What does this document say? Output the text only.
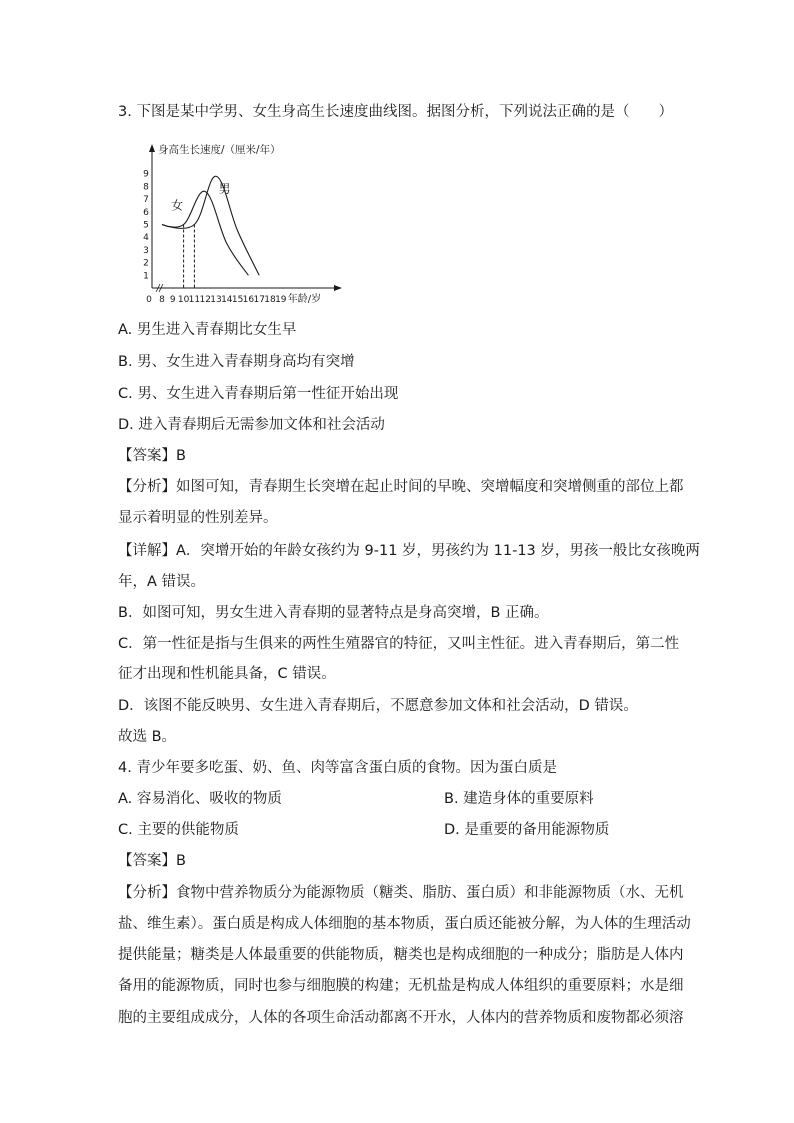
3. 下图是某中学男、女生身高生长速度曲线图。据图分析，下列说法正确的是（　　）
身高生长速度/（厘米/年）
1
2
3
4
5
6
7
8
9
0 8 9 10 11 12 13 14 15 16 17 18 19 年龄/岁
女
男
A. 男生进入青春期比女生早
B. 男、女生进入青春期身高均有突增
C. 男、女生进入青春期后第一性征开始出现
D. 进入青春期后无需参加文体和社会活动
【答案】B
【分析】如图可知，青春期生长突增在起止时间的早晚、突增幅度和突增侧重的部位上都
显示着明显的性别差异。
【详解】A．突增开始的年龄女孩约为 9-11 岁，男孩约为 11-13 岁，男孩一般比女孩晚两
年，A 错误。
B．如图可知，男女生进入青春期的显著特点是身高突增，B 正确。
C．第一性征是指与生俱来的两性生殖器官的特征，又叫主性征。进入青春期后，第二性
征才出现和性机能具备，C 错误。
D．该图不能反映男、女生进入青春期后，不愿意参加文体和社会活动，D 错误。
故选 B。
4. 青少年要多吃蛋、奶、鱼、肉等富含蛋白质的食物。因为蛋白质是
A. 容易消化、吸收的物质	B. 建造身体的重要原料
C. 主要的供能物质	D. 是重要的备用能源物质
【答案】B
【分析】食物中营养物质分为能源物质（糖类、脂肪、蛋白质）和非能源物质（水、无机
盐、维生素）。蛋白质是构成人体细胞的基本物质，蛋白质还能被分解，为人体的生理活动
提供能量；糖类是人体最重要的供能物质，糖类也是构成细胞的一种成分；脂肪是人体内
备用的能源物质，同时也参与细胞膜的构建；无机盐是构成人体组织的重要原料；水是细
胞的主要组成成分，人体的各项生命活动都离不开水，人体内的营养物质和废物都必须溶
